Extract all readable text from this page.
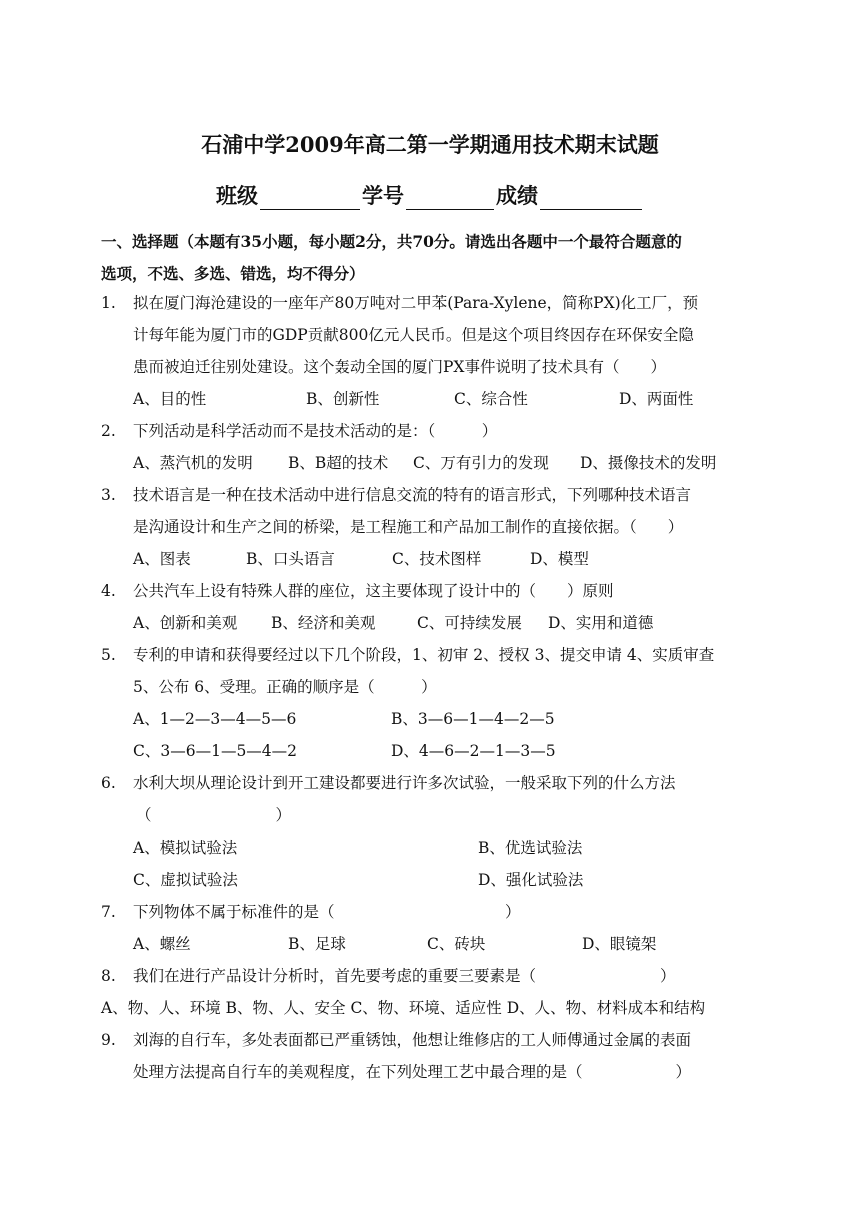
石浦中学2009年高二第一学期通用技术期末试题
班级	学号	成绩
一、选择题（本题有35小题，每小题2分，共70分。请选出各题中一个最符合题意的
选项，不选、多选、错选，均不得分）
1. 拟在厦门海沧建设的一座年产80万吨对二甲苯(Para-Xylene，简称PX)化工厂，预
计每年能为厦门市的GDP贡献800亿元人民币。但是这个项目终因存在环保安全隐
患而被迫迁往别处建设。这个轰动全国的厦门PX事件说明了技术具有（　　）
A、目的性	B、创新性	C、综合性	D、两面性
2. 下列活动是科学活动而不是技术活动的是：（　　　）
A、蒸汽机的发明 B、B超的技术 C、万有引力的发现 D、摄像技术的发明
3. 技术语言是一种在技术活动中进行信息交流的特有的语言形式，下列哪种技术语言
是沟通设计和生产之间的桥梁，是工程施工和产品加工制作的直接依据。（　　）
A、图表	B、口头语言	C、技术图样	D、模型
4. 公共汽车上设有特殊人群的座位，这主要体现了设计中的（　　）原则
A、创新和美观 B、经济和美观	C、可持续发展 D、实用和道德
5. 专利的申请和获得要经过以下几个阶段，1、初审 2、授权 3、提交申请 4、实质审查
5、公布 6、受理。正确的顺序是（　　　）
A、1—2—3—4—5—6	B、3—6—1—4—2—5
C、3—6—1—5—4—2	D、4—6—2—1—3—5
6. 水利大坝从理论设计到开工建设都要进行许多次试验，一般采取下列的什么方法
（　　　　　　　　）
A、模拟试验法	B、优选试验法
C、虚拟试验法	D、强化试验法
7. 下列物体不属于标准件的是（　　　　　　　　　　　）
A、螺丝	B、足球	C、砖块	D、眼镜架
8. 我们在进行产品设计分析时，首先要考虑的重要三要素是（　　　　　　　　）
A、物、人、环境 B、物、人、安全 C、物、环境、适应性 D、人、物、材料成本和结构
9. 刘海的自行车，多处表面都已严重锈蚀，他想让维修店的工人师傅通过金属的表面
处理方法提高自行车的美观程度，在下列处理工艺中最合理的是（　　　　　　）
